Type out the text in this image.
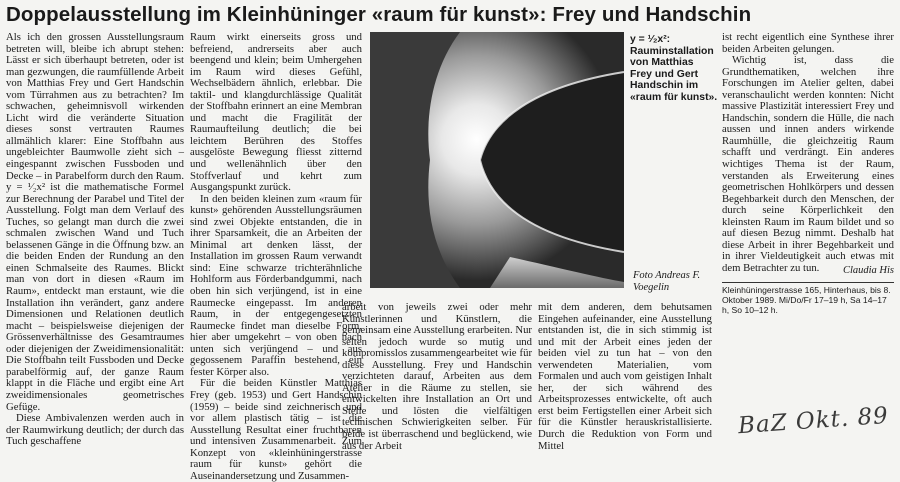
Doppelausstellung im Kleinhüninger «raum für kunst»: Frey und Handschin

Als ich den grossen Ausstellungsraum betreten will, bleibe ich abrupt stehen: Lässt er sich überhaupt betreten, oder ist man gezwungen, die raumfüllende Arbeit von Matthias Frey und Gert Handschin vom Türrahmen aus zu betrachten? Im schwachen, geheimnisvoll wirkenden Licht wird die veränderte Situation dieses sonst vertrauten Raumes allmählich klarer: Eine Stoffbahn aus ungebleichter Baumwolle zieht sich – eingespannt zwischen Fussboden und Decke – in Parabelform durch den Raum. y = ¹⁄₂x² ist die mathematische Formel zur Berechnung der Parabel und Titel der Ausstellung. Folgt man dem Verlauf des Tuches, so gelangt man durch die zwei schmalen zwischen Wand und Tuch belassenen Gänge in die Öffnung bzw. an die beiden Enden der Rundung an den einen Schmalseite des Raumes. Blickt man von dort in diesen «Raum im Raum», entdeckt man erstaunt, wie die Installation ihn verändert, ganz andere Dimensionen und Relationen deutlich macht – beispielsweise diejenigen der Grössenverhältnisse des Gesamtraumes oder diejenigen der Zweidimensionalität: Die Stoffbahn teilt Fussboden und Decke parabelförmig auf, der ganze Raum klappt in die Fläche und ergibt eine Art zweidimensionales geometrisches Gefüge.

Diese Ambivalenzen werden auch in der Raumwirkung deutlich; der durch das Tuch geschaffene

Raum wirkt einerseits gross und befreiend, andrerseits aber auch beengend und klein; beim Umhergehen im Raum wird dieses Gefühl, Wechselbädern ähnlich, erlebbar. Die taktil- und klangdurchlässige Qualität der Stoffbahn erinnert an eine Membran und macht die Fragilität der Raumaufteilung deutlich; die bei leichtem Berühren des Stoffes ausgelöste Bewegung fliesst zitternd und wellenähnlich über den Stoffverlauf und kehrt zum Ausgangspunkt zurück.

In den beiden kleinen zum «raum für kunst» gehörenden Ausstellungsräumen sind zwei Objekte entstanden, die in ihrer Sparsamkeit, die an Arbeiten der Minimal art denken lässt, der Installation im grossen Raum verwandt sind: Eine schwarze trichterähnliche Hohlform aus Förderbandgummi, nach oben hin sich verjüngend, ist in eine Raumecke eingepasst. Im anderen Raum, in der entgegengesetzten Raumecke findet man dieselbe Form, hier aber umgekehrt – von oben nach unten sich verjüngend – und aus gegossenem Paraffin bestehend, ein fester Körper also.

Für die beiden Künstler Matthias Frey (geb. 1953) und Gert Handschin (1959) – beide sind zeichnerisch und vor allem plastisch tätig – ist die Ausstellung Resultat einer fruchtbaren und intensiven Zusammenarbeit. Zum Konzept von «kleinhüningerstrasse raum für kunst» gehört die Auseinandersetzung und Zusammen-

y = ¹⁄₂x²: Rauminstallation von Matthias Frey und Gert Handschin im «raum für kunst».
Foto Andreas F. Voegelin

arbeit von jeweils zwei oder mehr Künstlerinnen und Künstlern, die gemeinsam eine Ausstellung erarbeiten. Nur selten jedoch wurde so mutig und kompromisslos zusammengearbeitet wie für diese Ausstellung. Frey und Handschin verzichteten darauf, Arbeiten aus dem Atelier in die Räume zu stellen, sie entwickelten ihre Installation an Ort und Stelle und lösten die vielfältigen technischen Schwierigkeiten selber. Für beide ist überraschend und beglückend, wie aus der Arbeit

mit dem anderen, dem behutsamen Eingehen aufeinander, eine Ausstellung entstanden ist, die in sich stimmig ist und mit der Arbeit eines jeden der beiden viel zu tun hat – von den verwendeten Materialien, vom Formalen und auch vom geistigen Inhalt her, der sich während des Arbeitsprozesses entwickelte, oft auch erst beim Fertigstellen einer Arbeit sich für die Künstler herauskristallisierte. Durch die Reduktion von Form und Mittel

ist recht eigentlich eine Synthese ihrer beiden Arbeiten gelungen.

Wichtig ist, dass die Grundthematiken, welchen ihre Forschungen im Atelier gelten, dabei veranschaulicht werden konnten: Nicht massive Plastizität interessiert Frey und Handschin, sondern die Hülle, die nach aussen und innen anders wirkende Raumhülle, die gleichzeitig Raum schafft und verdrängt. Ein anderes wichtiges Thema ist der Raum, verstanden als Erweiterung eines geometrischen Hohlkörpers und dessen Begehbarkeit durch den Menschen, der durch seine Körperlichkeit den kleinsten Raum im Raum bildet und so auf diesen Bezug nimmt. Deshalb hat diese Arbeit in ihrer Begehbarkeit und in ihrer Vieldeutigkeit auch etwas mit dem Betrachter zu tun.	Claudia His
Kleinhüningerstrasse 165, Hinterhaus, bis 8. Oktober 1989. Mi/Do/Fr 17–19 h, Sa 14–17 h, So 10–12 h.
BaZ Okt. 89
